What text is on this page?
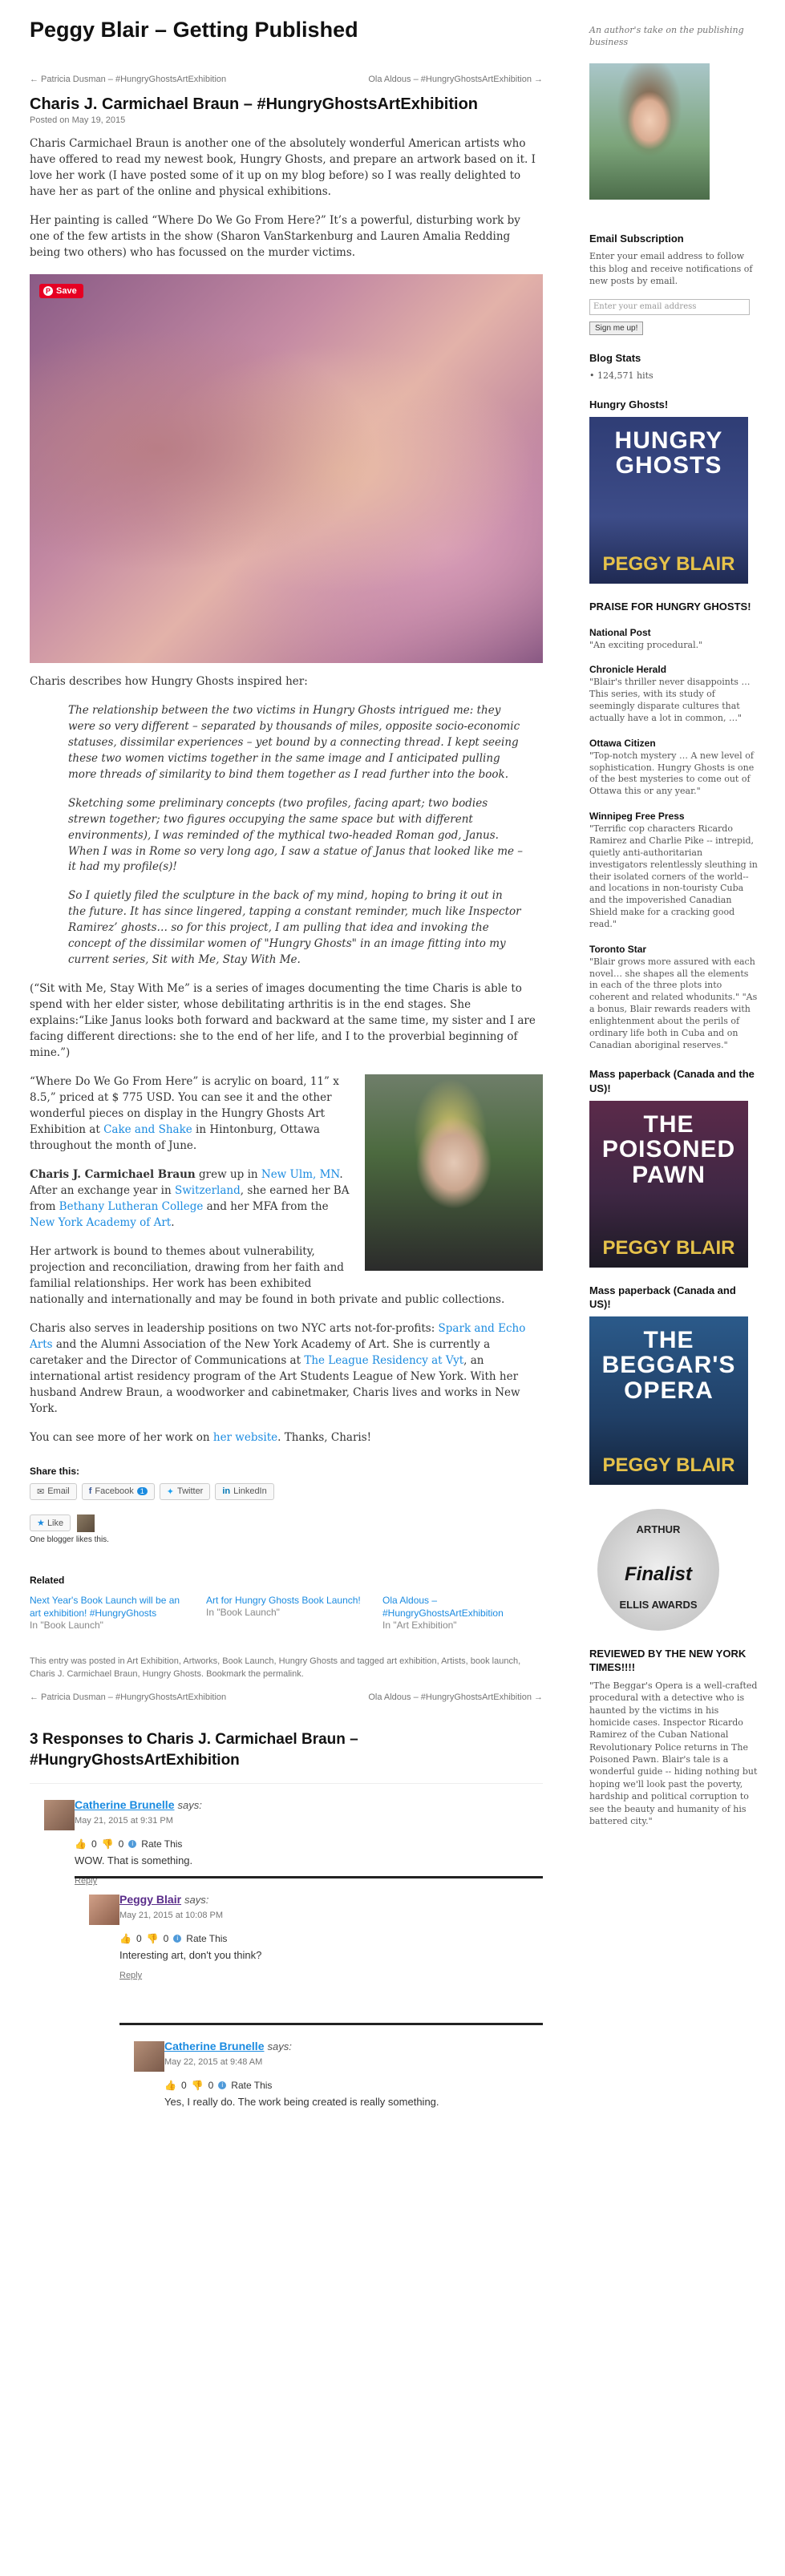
Peggy Blair – Getting Published
← Patricia Dusman – #HungryGhostsArtExhibition	Ola Aldous – #HungryGhostsArtExhibition →
Charis J. Carmichael Braun – #HungryGhostsArtExhibition
Posted on May 19, 2015

Charis Carmichael Braun is another one of the absolutely wonderful American artists who have offered to read my newest book, Hungry Ghosts, and prepare an artwork based on it. I love her work (I have posted some of it up on my blog before) so I was really delighted to have her as part of the online and physical exhibitions.

Her painting is called “Where Do We Go From Here?” It’s a powerful, disturbing work by one of the few artists in the show (Sharon VanStarkenburg and Lauren Amalia Redding being two others) who has focussed on the murder victims.

P Save

Charis describes how Hungry Ghosts inspired her:

The relationship between the two victims in Hungry Ghosts intrigued me: they were so very different – separated by thousands of miles, opposite socio-economic statuses, dissimilar experiences – yet bound by a connecting thread. I kept seeing these two women victims together in the same image and I anticipated pulling more threads of similarity to bind them together as I read further into the book.

Sketching some preliminary concepts (two profiles, facing apart; two bodies strewn together; two figures occupying the same space but with different environments), I was reminded of the mythical two-headed Roman god, Janus. When I was in Rome so very long ago, I saw a statue of Janus that looked like me – it had my profile(s)!

So I quietly filed the sculpture in the back of my mind, hoping to bring it out in the future. It has since lingered, tapping a constant reminder, much like Inspector Ramirez’ ghosts… so for this project, I am pulling that idea and invoking the concept of the dissimilar women of "Hungry Ghosts" in an image fitting into my current series, Sit with Me, Stay With Me.

(“Sit with Me, Stay With Me” is a series of images documenting the time Charis is able to spend with her elder sister, whose debilitating arthritis is in the end stages. She explains:“Like Janus looks both forward and backward at the same time, my sister and I are facing different directions: she to the end of her life, and I to the proverbial beginning of mine.”)

“Where Do We Go From Here” is acrylic on board, 11” x 8.5,” priced at $ 775 USD. You can see it and the other wonderful pieces on display in the Hungry Ghosts Art Exhibition at Cake and Shake in Hintonburg, Ottawa throughout the month of June.

Charis J. Carmichael Braun grew up in New Ulm, MN. After an exchange year in Switzerland, she earned her BA from Bethany Lutheran College and her MFA from the New York Academy of Art.

Her artwork is bound to themes about vulnerability, projection and reconciliation, drawing from her faith and familial relationships. Her work has been exhibited nationally and internationally and may be found in both private and public collections.

Charis also serves in leadership positions on two NYC arts not-for-profits: Spark and Echo Arts and the Alumni Association of the New York Academy of Art. She is currently a caretaker and the Director of Communications at The League Residency at Vyt, an international artist residency program of the Art Students League of New York. With her husband Andrew Braun, a woodworker and cabinetmaker, Charis lives and works in New York.

You can see more of her work on her website. Thanks, Charis!

Share this:
✉ Email f Facebook 1	✦ Twitter in LinkedIn
★ Like
One blogger likes this.
Related
Next Year's Book Launch will be an art exhibition! #HungryGhosts
In "Book Launch"
Art for Hungry Ghosts Book Launch!
In "Book Launch"
Ola Aldous – #HungryGhostsArtExhibition
In "Art Exhibition"
This entry was posted in Art Exhibition, Artworks, Book Launch, Hungry Ghosts and tagged art exhibition, Artists, book launch, Charis J. Carmichael Braun, Hungry Ghosts. Bookmark the permalink.
← Patricia Dusman – #HungryGhostsArtExhibition	Ola Aldous – #HungryGhostsArtExhibition →
3 Responses to Charis J. Carmichael Braun – #HungryGhostsArtExhibition
Catherine Brunelle says:
May 21, 2015 at 9:31 PM
👍 0 👎 0	i Rate This
WOW. That is something.
Reply
Peggy Blair says:
May 21, 2015 at 10:08 PM
👍 0 👎 0	i Rate This
Interesting art, don't you think?
Reply
Catherine Brunelle says:
May 22, 2015 at 9:48 AM
👍 0 👎 0	i Rate This
Yes, I really do. The work being created is really something.
An author's take on the publishing business
Email Subscription
Enter your email address to follow this blog and receive notifications of new posts by email.
Enter your email address
Sign me up!
Blog Stats
• 124,571 hits
Hungry Ghosts!
HUNGRY GHOSTS
PEGGY BLAIR
PRAISE FOR HUNGRY GHOSTS!
National Post
"An exciting procedural."
Chronicle Herald
"Blair's thriller never disappoints …This series, with its study of seemingly disparate cultures that actually have a lot in common, …"
Ottawa Citizen
"Top-notch mystery … A new level of sophistication. Hungry Ghosts is one of the best mysteries to come out of Ottawa this or any year."
Winnipeg Free Press
"Terrific cop characters Ricardo Ramirez and Charlie Pike -- intrepid, quietly anti-authoritarian investigators relentlessly sleuthing in their isolated corners of the world-- and locations in non-touristy Cuba and the impoverished Canadian Shield make for a cracking good read."
Toronto Star
"Blair grows more assured with each novel… she shapes all the elements in each of the three plots into coherent and related whodunits." "As a bonus, Blair rewards readers with enlightenment about the perils of ordinary life both in Cuba and on Canadian aboriginal reserves."
Mass paperback (Canada and the US)!
THE POISONED PAWN
PEGGY BLAIR
Mass paperback (Canada and US)!
THE BEGGAR'S OPERA
PEGGY BLAIR
ARTHUR
Finalist
ELLIS AWARDS
REVIEWED BY THE NEW YORK TIMES!!!!
"The Beggar's Opera is a well-crafted procedural with a detective who is haunted by the victims in his homicide cases. Inspector Ricardo Ramirez of the Cuban National Revolutionary Police returns in The Poisoned Pawn. Blair's tale is a wonderful guide -- hiding nothing but hoping we'll look past the poverty, hardship and political corruption to see the beauty and humanity of his battered city."
